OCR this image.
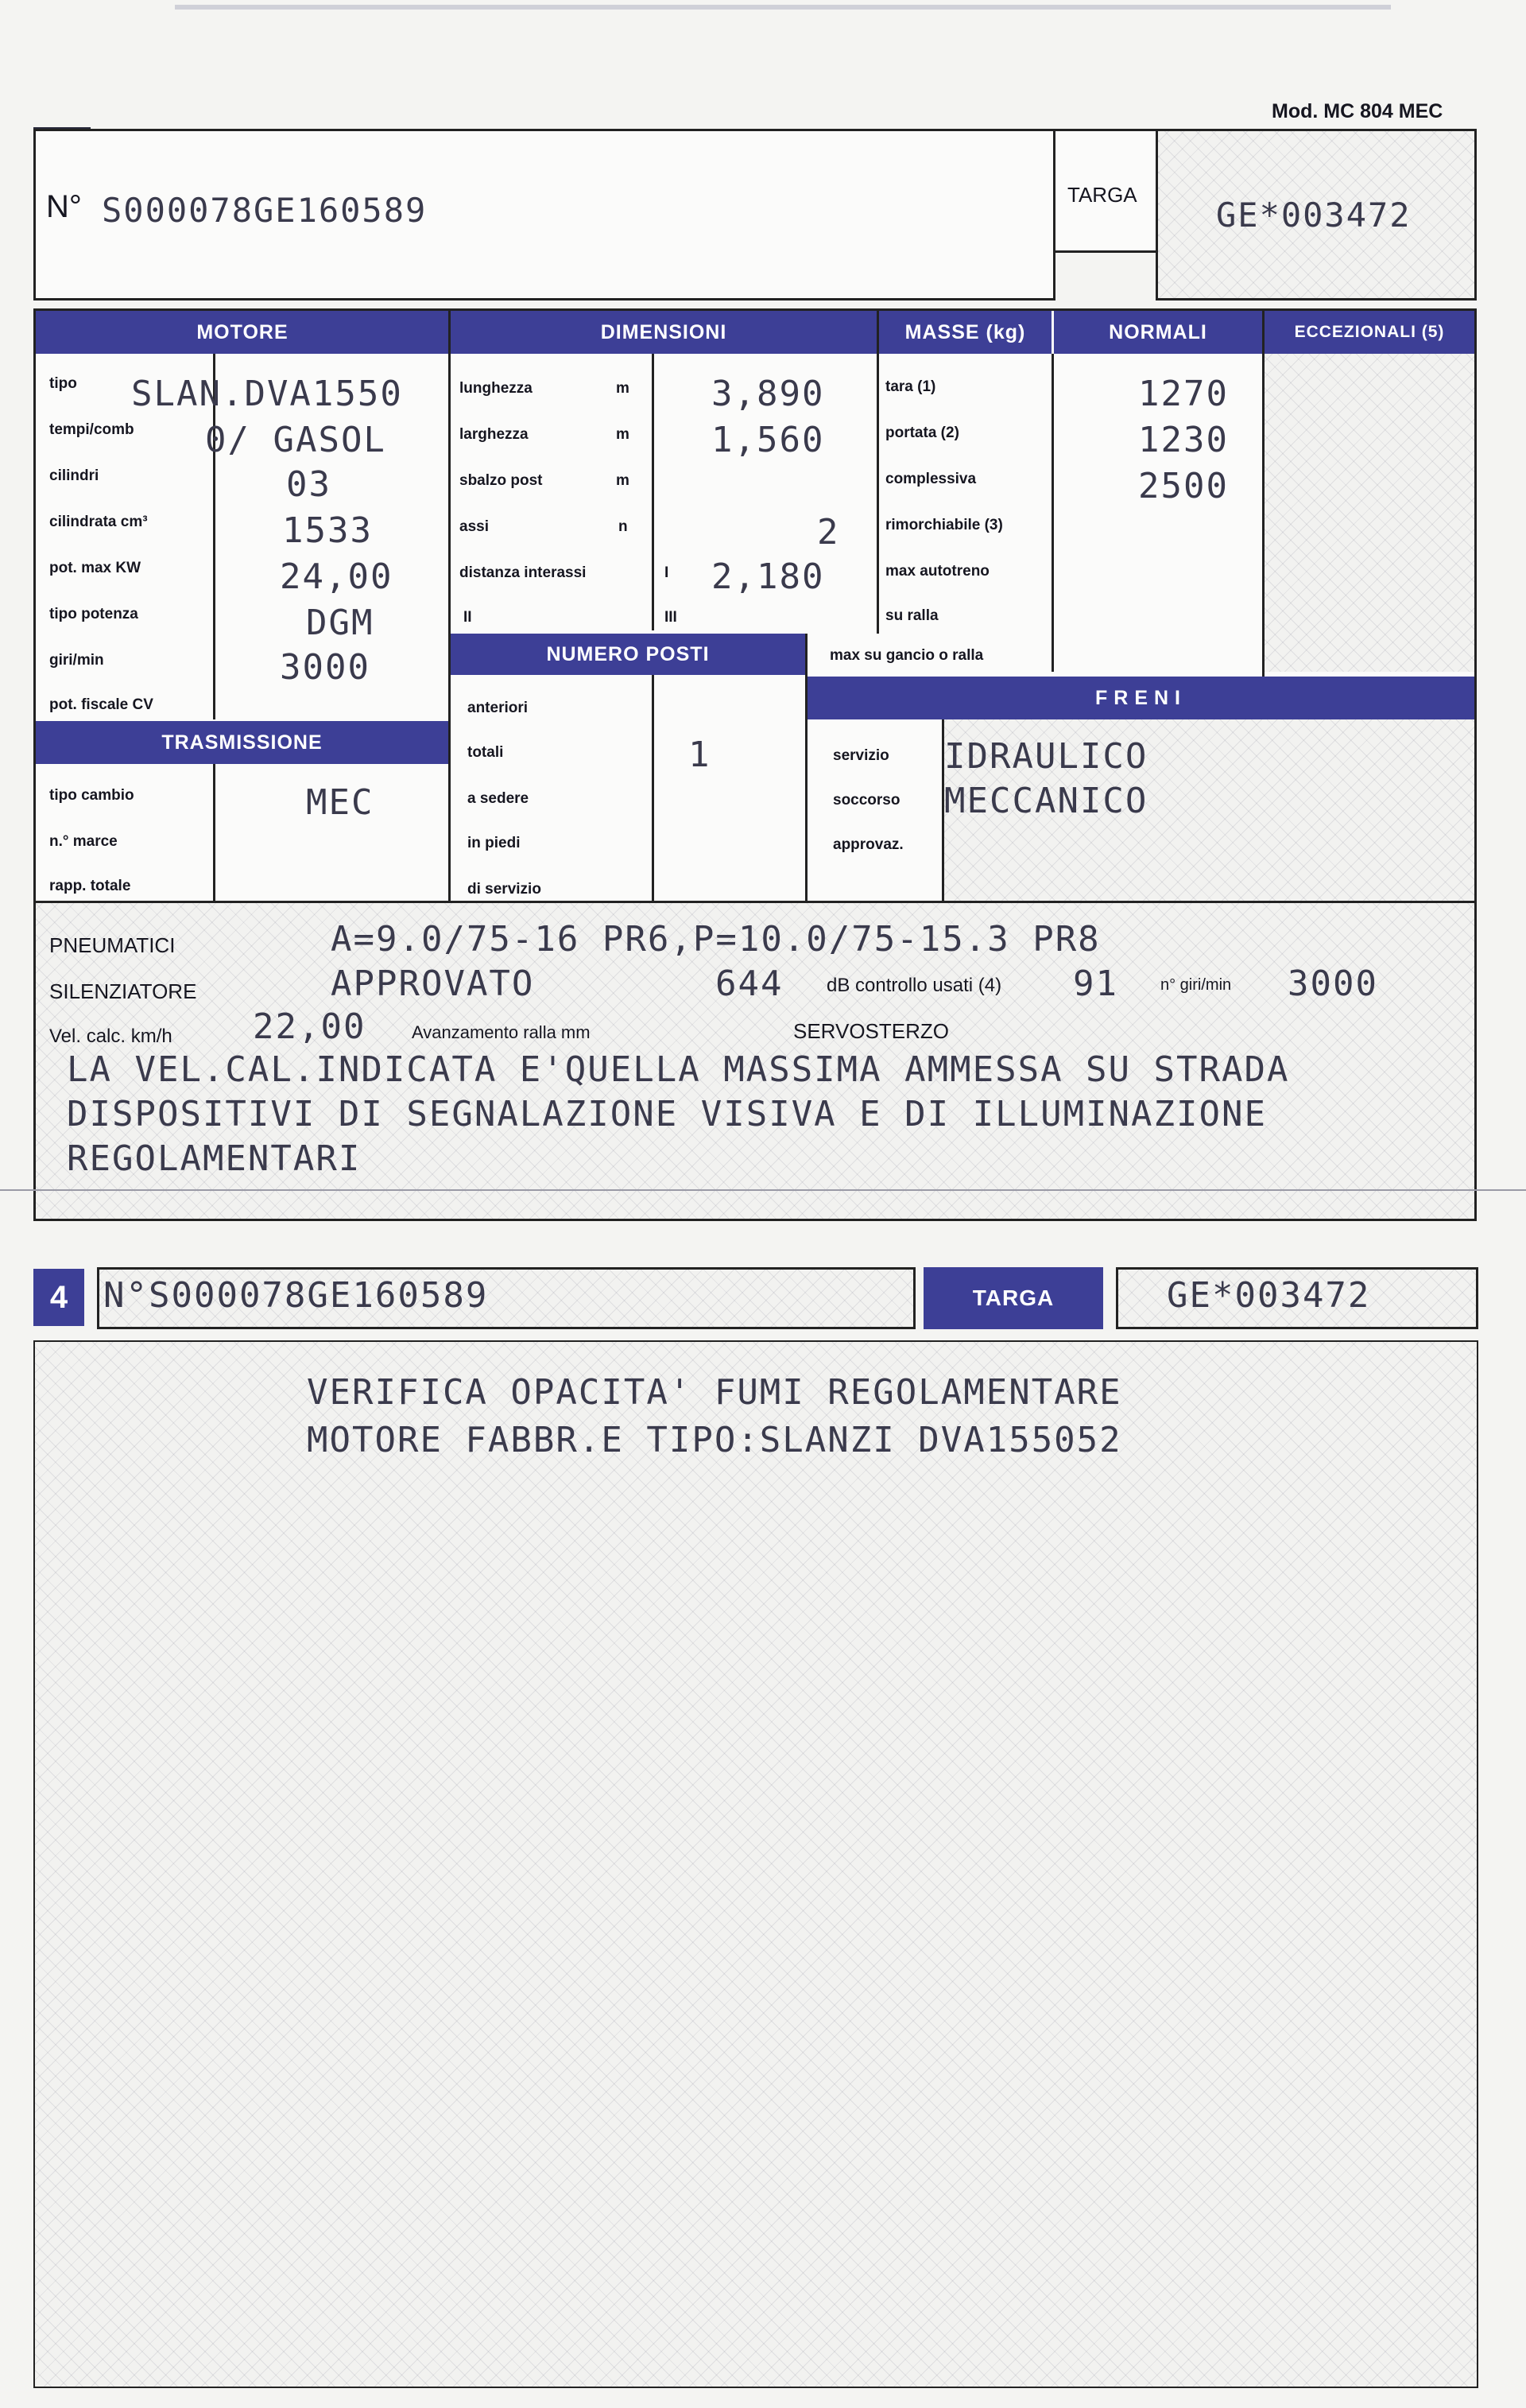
Mod. MC 804 MEC
N° S000078GE160589	TARGA
GE*003472
MOTORE
tipo SLAN.DVA1550
tempi/comb 0/ GASOL
cilindri	03
cilindrata cm³	1533
pot. max KW	24,00
tipo potenza	DGM
giri/min	3000
pot. fiscale CV
TRASMISSIONE
tipo cambio	MEC
n.° marce
rapp. totale
DIMENSIONI
lunghezza	m 3,890
larghezza	m 1,560
sbalzo post	m
assi	n	2
distanza interassi	I 2,180
II	III
NUMERO POSTI
anteriori
totali	1
a sedere
in piedi
di servizio
MASSE (kg)	NORMALI	ECCEZIONALI (5)
tara (1)	1270
portata (2)	1230
complessiva	2500
rimorchiabile (3)
max autotreno
su ralla
max su gancio o ralla
FRENI
servizio IDRAULICO
soccorso MECCANICO
approvaz.
PNEUMATICI	A=9.0/75-16 PR6,P=10.0/75-15.3 PR8
SILENZIATORE	APPROVATO	644 dB controllo usati (4) 91	n° giri/min 3000
Vel. calc. km/h 22,00	Avanzamento ralla mm	SERVOSTERZO
LA VEL.CAL.INDICATA E'QUELLA MASSIMA AMMESSA SU STRADA
DISPOSITIVI DI SEGNALAZIONE VISIVA E DI ILLUMINAZIONE
REGOLAMENTARI
4 N°S000078GE160589	TARGA	GE*003472
VERIFICA OPACITA' FUMI REGOLAMENTARE
MOTORE FABBR.E TIPO:SLANZI DVA155052
